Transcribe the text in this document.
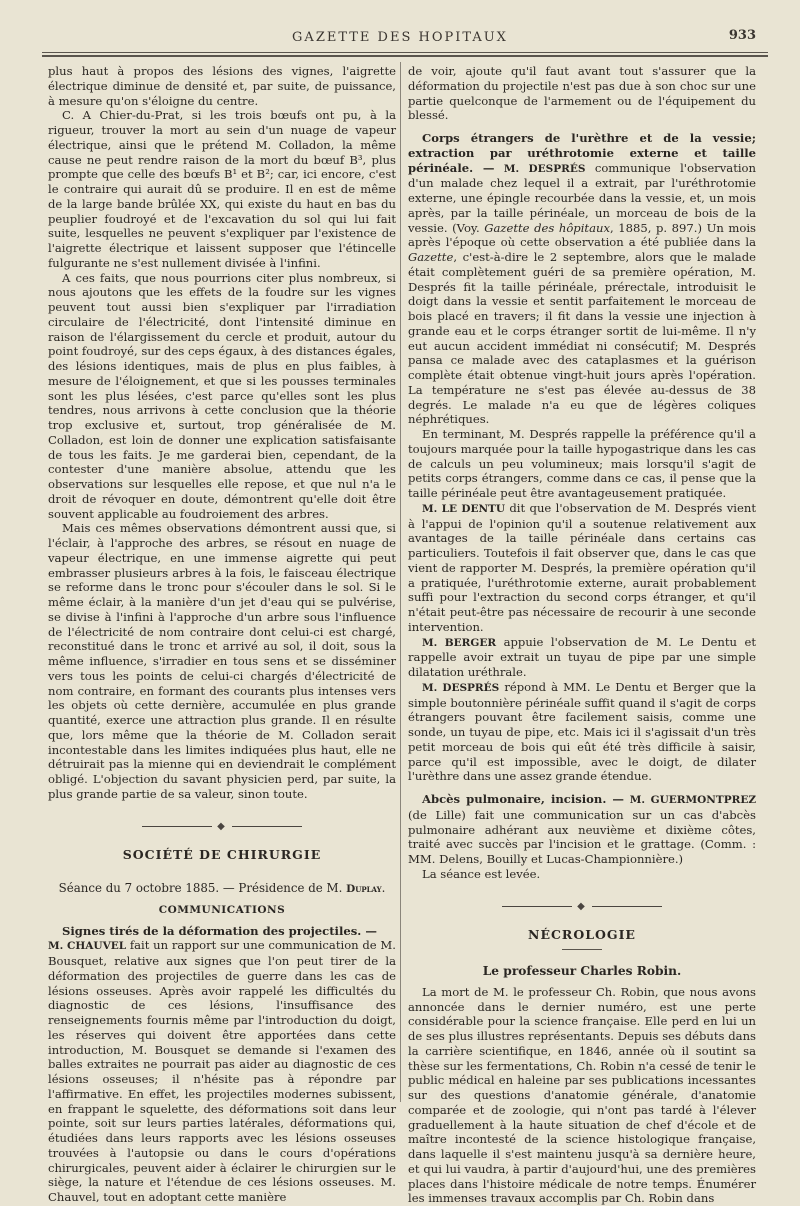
GAZETTE DES HOPITAUX	933

plus haut à propos des lésions des vignes, l'aigrette électrique diminue de densité et, par suite, de puissance, à mesure qu'on s'éloigne du centre.

C. A Chier-du-Prat, si les trois bœufs ont pu, à la rigueur, trouver la mort au sein d'un nuage de vapeur électrique, ainsi que le prétend M. Colladon, la même cause ne peut rendre raison de la mort du bœuf B³, plus prompte que celle des bœufs B¹ et B²; car, ici encore, c'est le contraire qui aurait dû se produire. Il en est de même de la large bande brûlée XX, qui existe du haut en bas du peuplier foudroyé et de l'excavation du sol qui lui fait suite, lesquelles ne peuvent s'expliquer par l'existence de l'aigrette électrique et laissent supposer que l'étincelle fulgurante ne s'est nullement divisée à l'infini.

A ces faits, que nous pourrions citer plus nombreux, si nous ajoutons que les effets de la foudre sur les vignes peuvent tout aussi bien s'expliquer par l'irradiation circulaire de l'électricité, dont l'intensité diminue en raison de l'élargissement du cercle et produit, autour du point foudroyé, sur des ceps égaux, à des distances égales, des lésions identiques, mais de plus en plus faibles, à mesure de l'éloignement, et que si les pousses terminales sont les plus lésées, c'est parce qu'elles sont les plus tendres, nous arrivons à cette conclusion que la théorie trop exclusive et, surtout, trop généralisée de M. Colladon, est loin de donner une explication satisfaisante de tous les faits. Je me garderai bien, cependant, de la contester d'une manière absolue, attendu que les observations sur lesquelles elle repose, et que nul n'a le droit de révoquer en doute, démontrent qu'elle doit être souvent applicable au foudroiement des arbres.

Mais ces mêmes observations démontrent aussi que, si l'éclair, à l'approche des arbres, se résout en nuage de vapeur électrique, en une immense aigrette qui peut embrasser plusieurs arbres à la fois, le faisceau électrique se reforme dans le tronc pour s'écouler dans le sol. Si le même éclair, à la manière d'un jet d'eau qui se pulvérise, se divise à l'infini à l'approche d'un arbre sous l'influence de l'électricité de nom contraire dont celui-ci est chargé, reconstitué dans le tronc et arrivé au sol, il doit, sous la même influence, s'irradier en tous sens et se disséminer vers tous les points de celui-ci chargés d'électricité de nom contraire, en formant des courants plus intenses vers les objets où cette dernière, accumulée en plus grande quantité, exerce une attraction plus grande. Il en résulte que, lors même que la théorie de M. Colladon serait incontestable dans les limites indiquées plus haut, elle ne détruirait pas la mienne qui en deviendrait le complément obligé. L'objection du savant physicien perd, par suite, la plus grande partie de sa valeur, sinon toute.

◆
SOCIÉTÉ DE CHIRURGIE
Séance du 7 octobre 1885. — Présidence de M. Duplay.
COMMUNICATIONS

Signes tirés de la déformation des projectiles. —
M. CHAUVEL fait un rapport sur une communication de M. Bousquet, relative aux signes que l'on peut tirer de la déformation des projectiles de guerre dans les cas de lésions osseuses. Après avoir rappelé les difficultés du diagnostic de ces lésions, l'insuffisance des renseignements fournis même par l'introduction du doigt, les réserves qui doivent être apportées dans cette introduction, M. Bousquet se demande si l'examen des balles extraites ne pourrait pas aider au diagnostic de ces lésions osseuses; il n'hésite pas à répondre par l'affirmative. En effet, les projectiles modernes subissent, en frappant le squelette, des déformations soit dans leur pointe, soit sur leurs parties latérales, déformations qui, étudiées dans leurs rapports avec les lésions osseuses trouvées à l'autopsie ou dans le cours d'opérations chirurgicales, peuvent aider à éclairer le chirurgien sur le siège, la nature et l'étendue de ces lésions osseuses. M. Chauvel, tout en adoptant cette manière

de voir, ajoute qu'il faut avant tout s'assurer que la déformation du projectile n'est pas due à son choc sur une partie quelconque de l'armement ou de l'équipement du blessé.

Corps étrangers de l'urèthre et de la vessie; extraction par uréthrotomie externe et taille périnéale. — M. DESPRÉS communique l'observation d'un malade chez lequel il a extrait, par l'uréthrotomie externe, une épingle recourbée dans la vessie, et, un mois après, par la taille périnéale, un morceau de bois de la vessie. (Voy. Gazette des hôpitaux, 1885, p. 897.) Un mois après l'époque où cette observation a été publiée dans la Gazette, c'est-à-dire le 2 septembre, alors que le malade était complètement guéri de sa première opération, M. Després fit la taille périnéale, prérectale, introduisit le doigt dans la vessie et sentit parfaitement le morceau de bois placé en travers; il fit dans la vessie une injection à grande eau et le corps étranger sortit de lui-même. Il n'y eut aucun accident immédiat ni consécutif; M. Després pansa ce malade avec des cataplasmes et la guérison complète était obtenue vingt-huit jours après l'opération. La température ne s'est pas élevée au-dessus de 38 degrés. Le malade n'a eu que de légères coliques néphrétiques.

En terminant, M. Després rappelle la préférence qu'il a toujours marquée pour la taille hypogastrique dans les cas de calculs un peu volumineux; mais lorsqu'il s'agit de petits corps étrangers, comme dans ce cas, il pense que la taille périnéale peut être avantageusement pratiquée.

M. LE DENTU dit que l'observation de M. Després vient à l'appui de l'opinion qu'il a soutenue relativement aux avantages de la taille périnéale dans certains cas particuliers. Toutefois il fait observer que, dans le cas que vient de rapporter M. Després, la première opération qu'il a pratiquée, l'uréthrotomie externe, aurait probablement suffi pour l'extraction du second corps étranger, et qu'il n'était peut-être pas nécessaire de recourir à une seconde intervention.

M. BERGER appuie l'observation de M. Le Dentu et rappelle avoir extrait un tuyau de pipe par une simple dilatation uréthrale.

M. DESPRÉS répond à MM. Le Dentu et Berger que la simple boutonnière périnéale suffit quand il s'agit de corps étrangers pouvant être facilement saisis, comme une sonde, un tuyau de pipe, etc. Mais ici il s'agissait d'un très petit morceau de bois qui eût été très difficile à saisir, parce qu'il est impossible, avec le doigt, de dilater l'urèthre dans une assez grande étendue.

Abcès pulmonaire, incision. — M. GUERMONTPREZ (de Lille) fait une communication sur un cas d'abcès pulmonaire adhérant aux neuvième et dixième côtes, traité avec succès par l'incision et le grattage. (Comm. : MM. Delens, Bouilly et Lucas-Championnière.)

La séance est levée.

◆
NÉCROLOGIE
Le professeur Charles Robin.

La mort de M. le professeur Ch. Robin, que nous avons annoncée dans le dernier numéro, est une perte considérable pour la science française. Elle perd en lui un de ses plus illustres représentants. Depuis ses débuts dans la carrière scientifique, en 1846, année où il soutint sa thèse sur les fermentations, Ch. Robin n'a cessé de tenir le public médical en haleine par ses publications incessantes sur des questions d'anatomie générale, d'anatomie comparée et de zoologie, qui n'ont pas tardé à l'élever graduellement à la haute situation de chef d'école et de maître incontesté de la science histologique française, dans laquelle il s'est maintenu jusqu'à sa dernière heure, et qui lui vaudra, à partir d'aujourd'hui, une des premières places dans l'histoire médicale de notre temps. Énumérer les immenses travaux accomplis par Ch. Robin dans
